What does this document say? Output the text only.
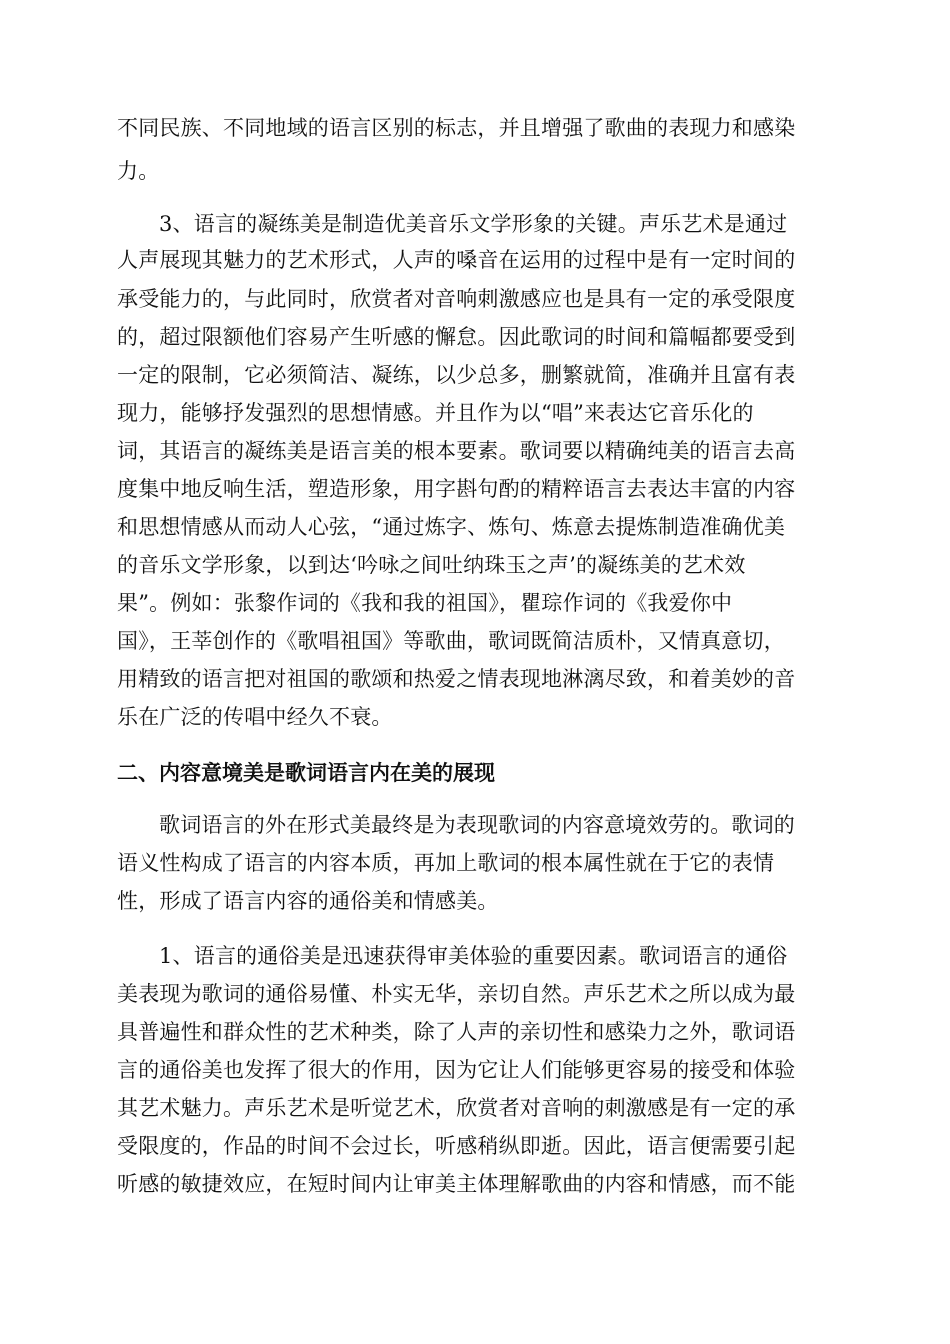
不同民族、不同地域的语言区别的标志，并且增强了歌曲的表现力和感染
力。
3、语言的凝练美是制造优美音乐文学形象的关键。声乐艺术是通过
人声展现其魅力的艺术形式，人声的嗓音在运用的过程中是有一定时间的
承受能力的，与此同时，欣赏者对音响刺激感应也是具有一定的承受限度
的，超过限额他们容易产生听感的懈怠。因此歌词的时间和篇幅都要受到
一定的限制，它必须简洁、凝练，以少总多，删繁就简，准确并且富有表
现力，能够抒发强烈的思想情感。并且作为以“唱”来表达它音乐化的
词，其语言的凝练美是语言美的根本要素。歌词要以精确纯美的语言去高
度集中地反响生活，塑造形象，用字斟句酌的精粹语言去表达丰富的内容
和思想情感从而动人心弦，“通过炼字、炼句、炼意去提炼制造准确优美
的音乐文学形象，以到达‘吟咏之间吐纳珠玉之声’的凝练美的艺术效
果”。例如：张黎作词的《我和我的祖国》，瞿琮作词的《我爱你中
国》，王莘创作的《歌唱祖国》等歌曲，歌词既简洁质朴，又情真意切，
用精致的语言把对祖国的歌颂和热爱之情表现地淋漓尽致，和着美妙的音
乐在广泛的传唱中经久不衰。
二、内容意境美是歌词语言内在美的展现
歌词语言的外在形式美最终是为表现歌词的内容意境效劳的。歌词的
语义性构成了语言的内容本质，再加上歌词的根本属性就在于它的表情
性，形成了语言内容的通俗美和情感美。
1、语言的通俗美是迅速获得审美体验的重要因素。歌词语言的通俗
美表现为歌词的通俗易懂、朴实无华，亲切自然。声乐艺术之所以成为最
具普遍性和群众性的艺术种类，除了人声的亲切性和感染力之外，歌词语
言的通俗美也发挥了很大的作用，因为它让人们能够更容易的接受和体验
其艺术魅力。声乐艺术是听觉艺术，欣赏者对音响的刺激感是有一定的承
受限度的，作品的时间不会过长，听感稍纵即逝。因此，语言便需要引起
听感的敏捷效应，在短时间内让审美主体理解歌曲的内容和情感，而不能
